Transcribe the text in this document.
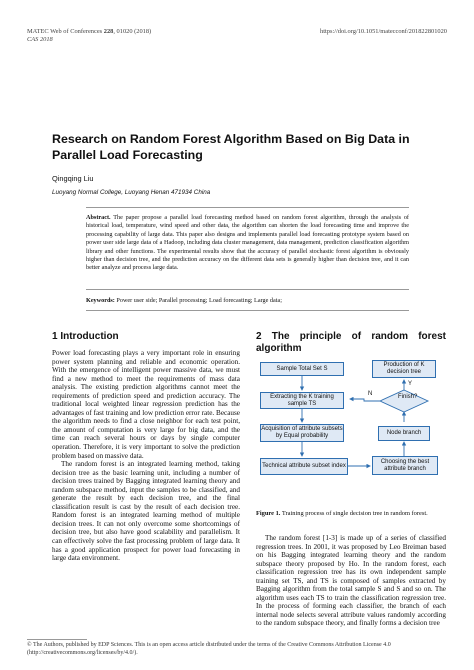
MATEC Web of Conferences 228, 01020 (2018)
CAS 2018
https://doi.org/10.1051/matecconf/201822801020
Research on Random Forest Algorithm Based on Big Data in Parallel Load Forecasting
Qingqing Liu
Luoyang Normal College, Luoyang Henan 471934 China
Abstract. The paper propose a parallel load forecasting method based on random forest algorithm, through the analysis of historical load, temperature, wind speed and other data, the algorithm can shorten the load forecasting time and improve the processing capability of large data. This paper also designs and implements parallel load forecasting prototype system based on power user side large data of a Hadoop, including data cluster management, data management, prediction classification algorithm library and other functions. The experimental results show that the accuracy of parallel stochastic forest algorithm is obviously higher than decision tree, and the prediction accuracy on the different data sets is generally higher than decision tree, and it can better analyze and process large data.
Keywords: Power user side; Parallel processing; Load forecasting; Large data;
1 Introduction

Power load forecasting plays a very important role in ensuring power system planning and reliable and economic operation. With the emergence of intelligent power massive data, we must find a new method to meet the requirements of mass data analysis. The existing prediction algorithms cannot meet the requirements of prediction speed and prediction accuracy. The traditional local weighted linear regression prediction has the advantages of fast training and low prediction error rate. Because the algorithm needs to find a close neighbor for each test point, the amount of computation is very large for big data, and the time can reach several hours or days by single computer operation. Therefore, it is very important to solve the prediction problem based on massive data.

The random forest is an integrated learning method, taking decision tree as the basic learning unit, including a number of decision trees trained by Bagging integrated learning theory and random subspace method, input the samples to be classified, and generate the result by each decision tree, and the final classification result is cast by the result of each decision tree. Random forest is an integrated learning method of multiple decision trees. It can not only overcome some shortcomings of decision tree, but also have good scalability and parallelism. It can effectively solve the fast processing problem of large data. It has a good application prospect for power load forecasting in large data environment.

2 The principle of random forest algorithm
Sample Total Set S
Extracting the K training sample TS
Acquisition of attribute subsets by Equal probability
Technical attribute subset index
Production of K decision tree
Finish?
Y
N
Node branch
Choosing the best attribute branch
Figure 1. Training process of single decision tree in random forest.

The random forest [1-3] is made up of a series of classified regression trees. In 2001, it was proposed by Leo Breiman based on his Bagging integrated learning theory and the random subspace theory proposed by Ho. In the random forest, each classification regression tree has its own independent sample training set TS, and TS is composed of samples extracted by Bagging algorithm from the total sample S and S and so on. The algorithm uses each TS to train the classification regression tree. In the process of forming each classifier, the branch of each internal node selects several attribute values randomly according to the random subspace theory, and finally forms a decision tree

© The Authors, published by EDP Sciences. This is an open access article distributed under the terms of the Creative Commons Attribution License 4.0 (http://creativecommons.org/licenses/by/4.0/).
